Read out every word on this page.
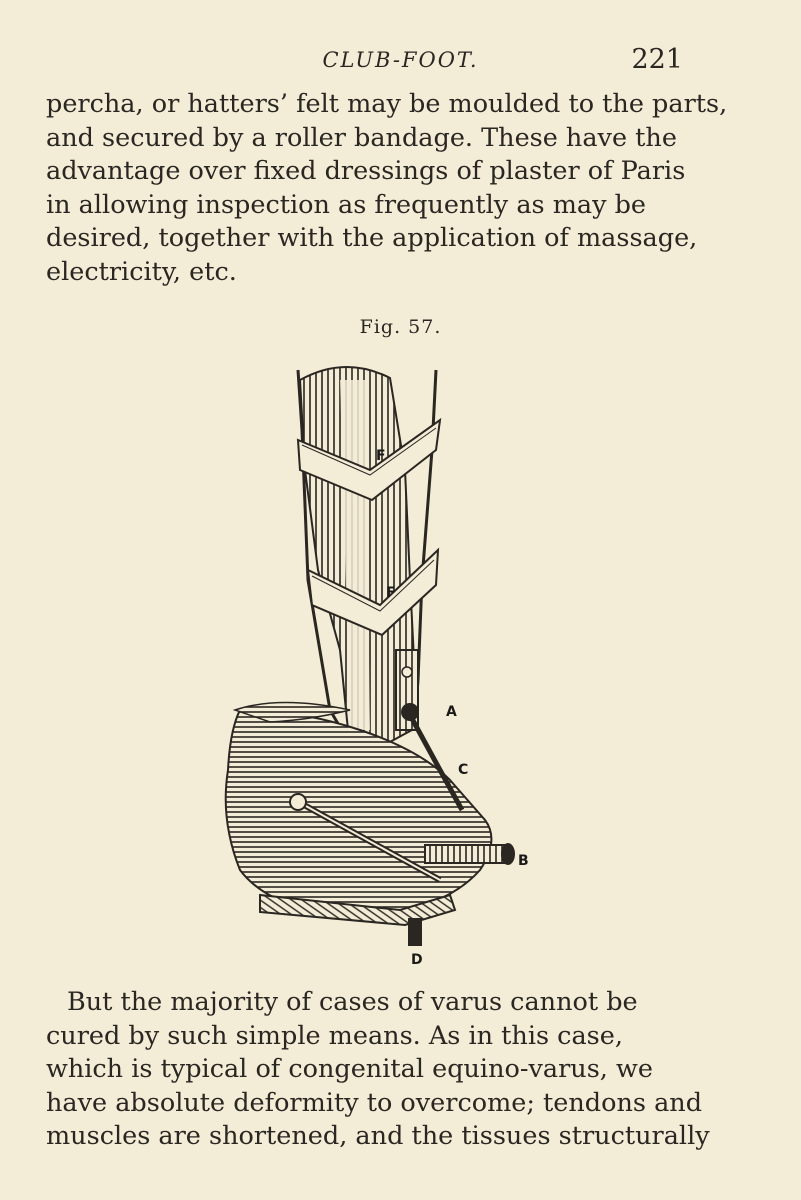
CLUB-FOOT.	221
percha, or hatters’ felt may be moulded to the parts,
and secured by a roller bandage. These have the
advantage over fixed dressings of plaster of Paris
in allowing inspection as frequently as may be
desired, together with the application of massage,
electricity, etc.
Fig. 57.
F
F
A
C
B
D
But the majority of cases of varus cannot be
cured by such simple means. As in this case,
which is typical of congenital equino-varus, we
have absolute deformity to overcome; tendons and
muscles are shortened, and the tissues structurally
